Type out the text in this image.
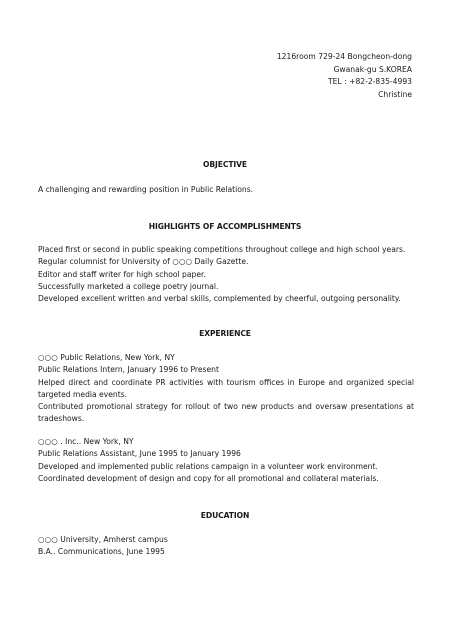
1216room 729-24 Bongcheon-dong
Gwanak-gu S.KOREA
TEL : +82-2-835-4993
Christine
OBJECTIVE

A challenging and rewarding position in Public Relations.

HIGHLIGHTS OF ACCOMPLISHMENTS

Placed first or second in public speaking competitions throughout college and high school years.

Regular columnist for University of ○○○ Daily Gazette.

Editor and staff writer for high school paper.

Successfully marketed a college poetry journal.

Developed excellent written and verbal skills, complemented by cheerful, outgoing personality.

EXPERIENCE

○○○ Public Relations, New York, NY

Public Relations Intern, January 1996 to Present

Helped direct and coordinate PR activities with tourism offices in Europe and organized special targeted media events.

Contributed promotional strategy for rollout of two new products and oversaw presentations at tradeshows.

○○○ . Inc.. New York, NY

Public Relations Assistant, June 1995 to January 1996

Developed and implemented public relations campaign in a volunteer work environment.

Coordinated development of design and copy for all promotional and collateral materials.

EDUCATION

○○○ University, Amherst campus

B.A.. Communications, June 1995
